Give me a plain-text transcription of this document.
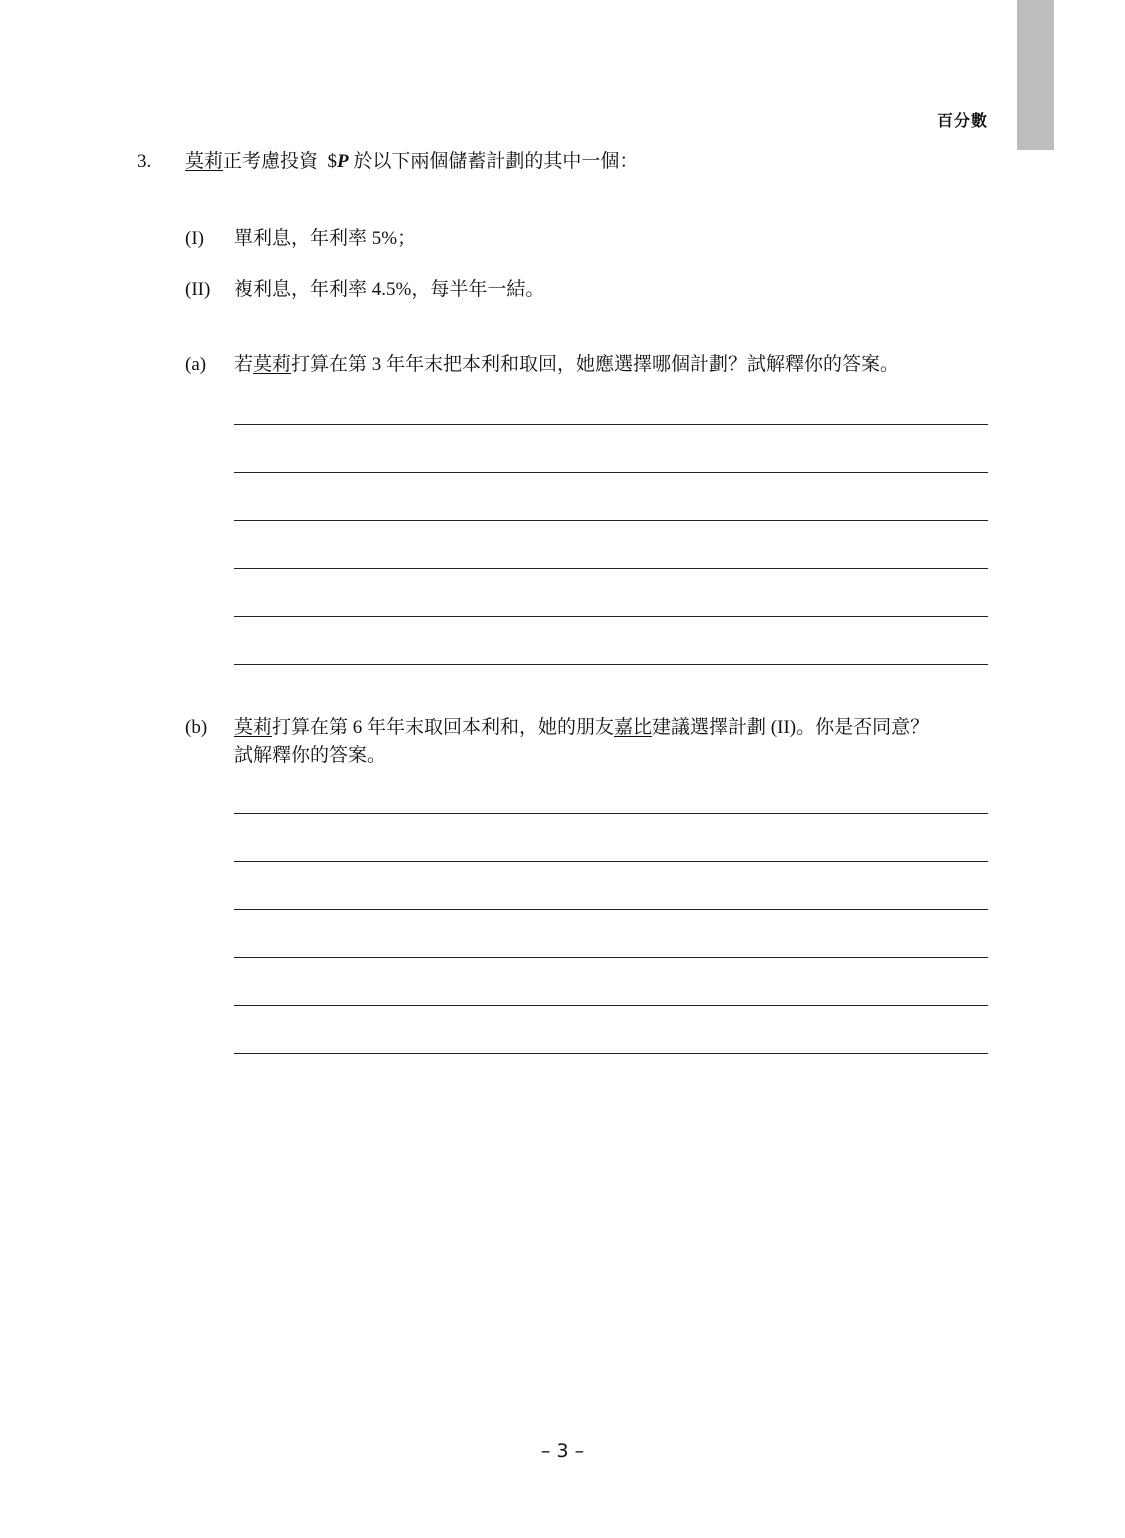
百分數
3. 莫莉正考慮投資 $P 於以下兩個儲蓄計劃的其中一個：
(I) 單利息，年利率 5%；
(II) 複利息，年利率 4.5%，每半年一結。
(a) 若莫莉打算在第 3 年年末把本利和取回，她應選擇哪個計劃？試解釋你的答案。
(b) 莫莉打算在第 6 年年末取回本利和，她的朋友嘉比建議選擇計劃 (II)。你是否同意？
試解釋你的答案。
– 3 –
